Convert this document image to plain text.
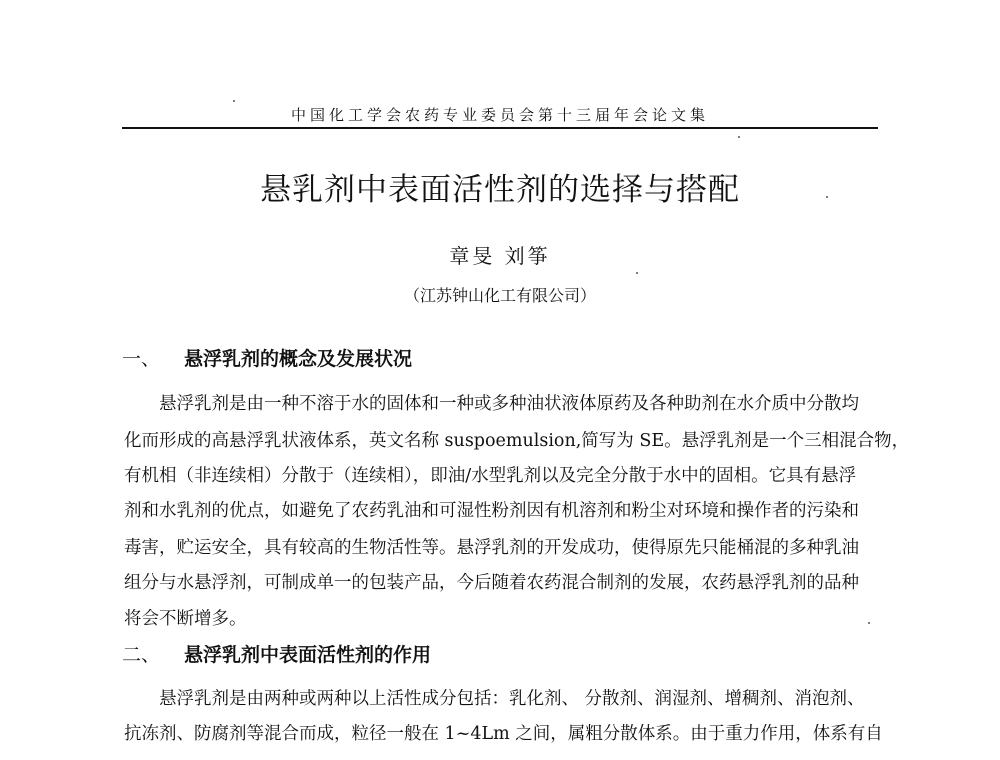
中国化工学会农药专业委员会第十三届年会论文集
悬乳剂中表面活性剂的选择与搭配
章旻 刘筝
（江苏钟山化工有限公司）
一、 悬浮乳剂的概念及发展状况
　　悬浮乳剂是由一种不溶于水的固体和一种或多种油状液体原药及各种助剂在水介质中分散均
化而形成的高悬浮乳状液体系，英文名称 suspoemulsion,简写为 SE。悬浮乳剂是一个三相混合物，
有机相（非连续相）分散于（连续相），即油/水型乳剂以及完全分散于水中的固相。它具有悬浮
剂和水乳剂的优点，如避免了农药乳油和可湿性粉剂因有机溶剂和粉尘对环境和操作者的污染和
毒害，贮运安全，具有较高的生物活性等。悬浮乳剂的开发成功，使得原先只能桶混的多种乳油
组分与水悬浮剂，可制成单一的包装产品，今后随着农药混合制剂的发展，农药悬浮乳剂的品种
将会不断增多。
二、 悬浮乳剂中表面活性剂的作用
　　悬浮乳剂是由两种或两种以上活性成分包括：乳化剂、 分散剂、润湿剂、增稠剂、消泡剂、
抗冻剂、防腐剂等混合而成，粒径一般在 1~4Lm 之间，属粗分散体系。由于重力作用，体系有自
